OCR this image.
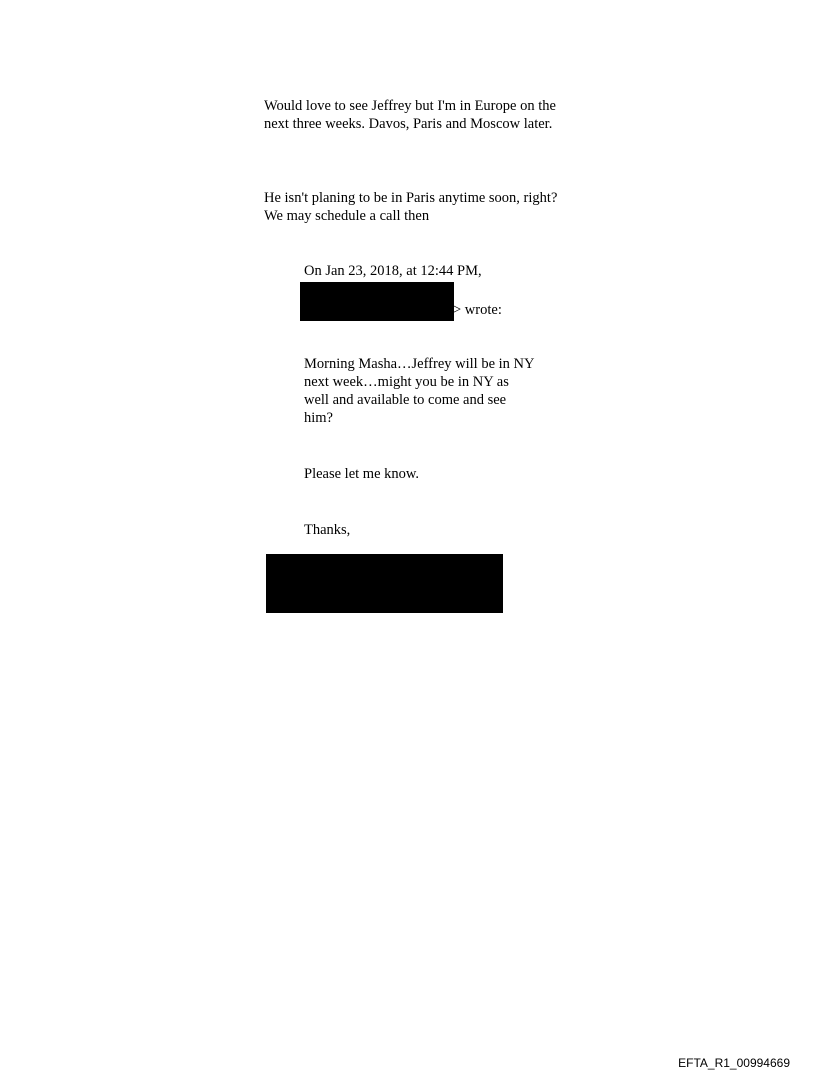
Would love to see Jeffrey but I'm in Europe on the next three weeks. Davos, Paris and Moscow later.

He isn't planing to be in Paris anytime soon, right? We may schedule a call then

On Jan 23, 2018, at 12:44 PM,

> wrote:

Morning Masha…Jeffrey will be in NY next week…might you be in NY as well and available to come and see him?

Please let me know.

Thanks,

EFTA_R1_00994669
